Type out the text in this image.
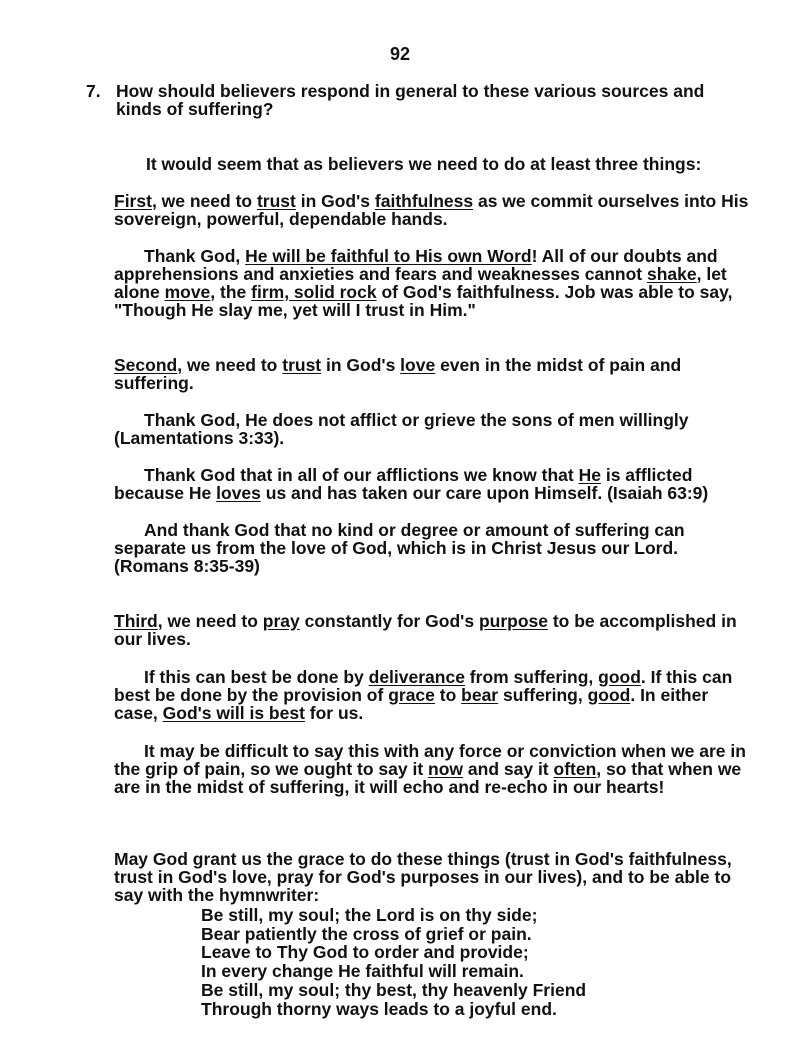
92
7. How should believers respond in general to these various sources and kinds of suffering?

It would seem that as believers we need to do at least three things:

First, we need to trust in God's faithfulness as we commit ourselves into His sovereign, powerful, dependable hands.

Thank God, He will be faithful to His own Word! All of our doubts and apprehensions and anxieties and fears and weaknesses cannot shake, let alone move, the firm, solid rock of God's faithfulness. Job was able to say, "Though He slay me, yet will I trust in Him."

Second, we need to trust in God's love even in the midst of pain and suffering.

Thank God, He does not afflict or grieve the sons of men willingly (Lamentations 3:33).

Thank God that in all of our afflictions we know that He is afflicted because He loves us and has taken our care upon Himself. (Isaiah 63:9)

And thank God that no kind or degree or amount of suffering can separate us from the love of God, which is in Christ Jesus our Lord. (Romans 8:35-39)

Third, we need to pray constantly for God's purpose to be accomplished in our lives.

If this can best be done by deliverance from suffering, good. If this can best be done by the provision of grace to bear suffering, good. In either case, God's will is best for us.

It may be difficult to say this with any force or conviction when we are in the grip of pain, so we ought to say it now and say it often, so that when we are in the midst of suffering, it will echo and re-echo in our hearts!

May God grant us the grace to do these things (trust in God's faithfulness, trust in God's love, pray for God's purposes in our lives), and to be able to say with the hymnwriter:

Be still, my soul; the Lord is on thy side;
Bear patiently the cross of grief or pain.
Leave to Thy God to order and provide;
In every change He faithful will remain.
Be still, my soul; thy best, thy heavenly Friend
Through thorny ways leads to a joyful end.
